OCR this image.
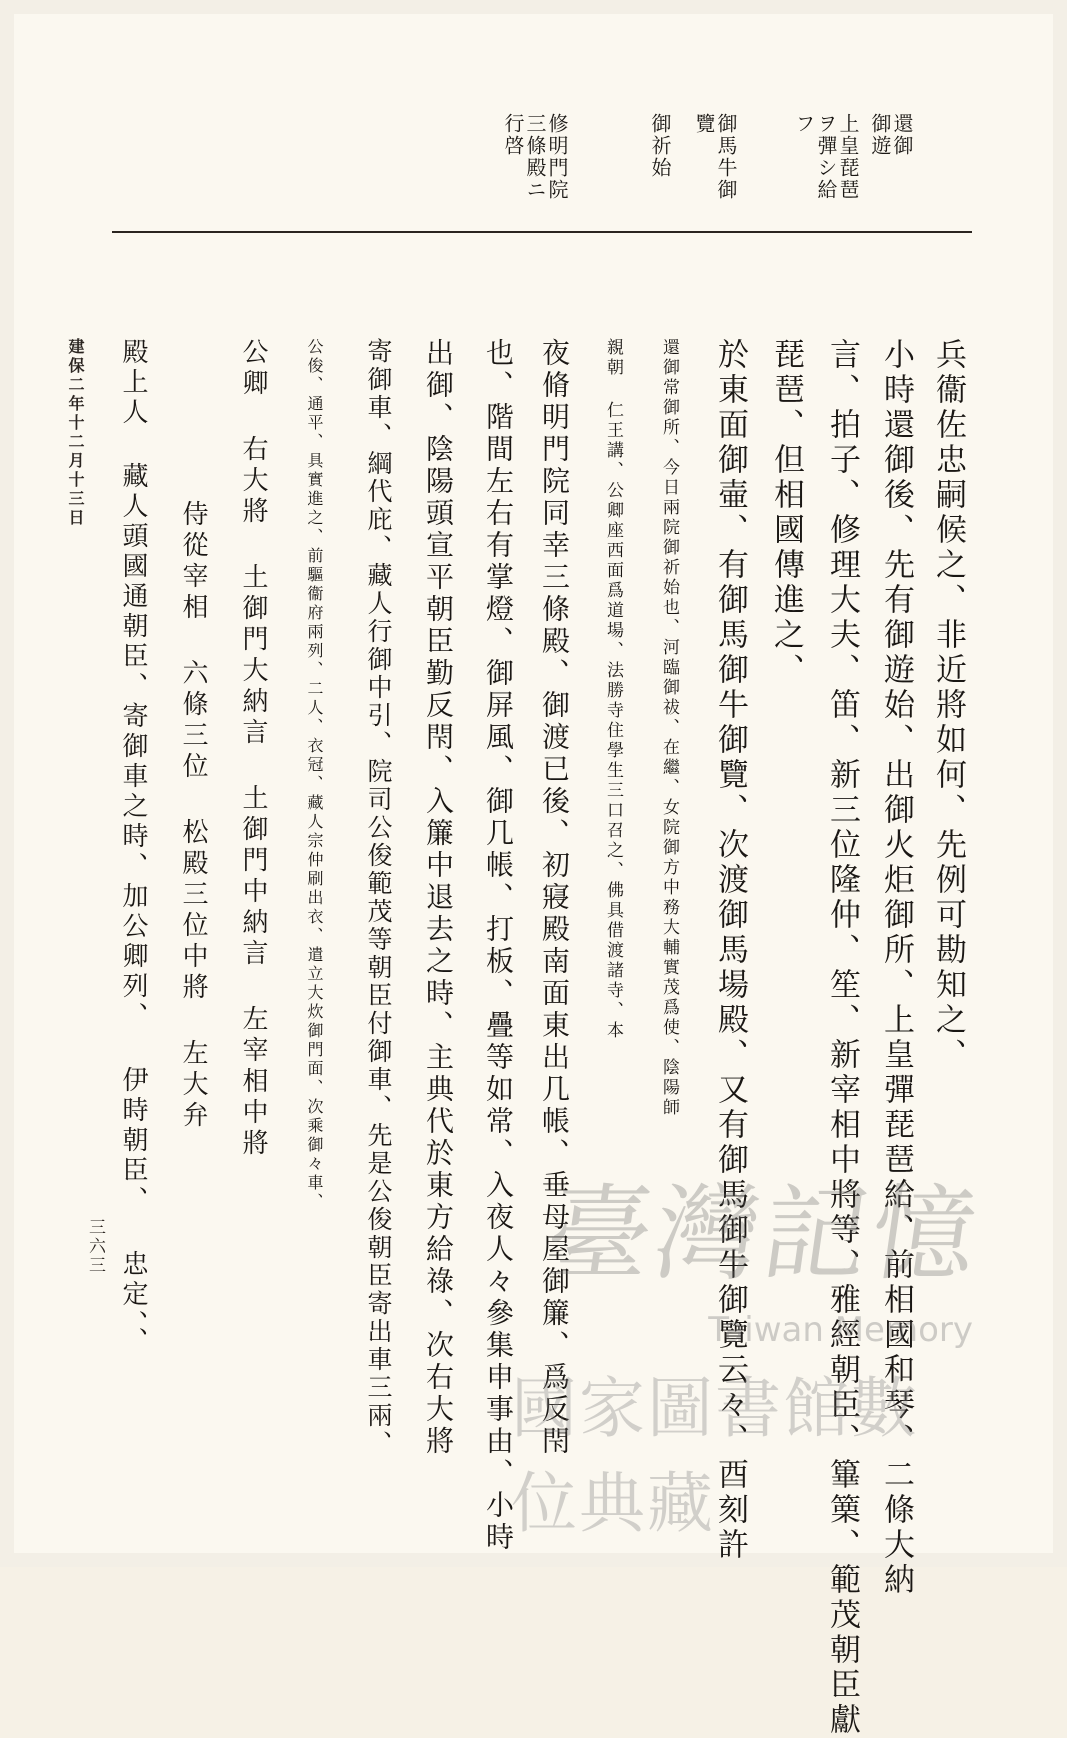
還御
御遊
上皇琵琶
ヲ彈シ給
フ
御馬牛御
覽
御祈始
修明門院
三條殿ニ
行啓
兵衞佐忠嗣候之、非近將如何、先例可勘知之、
小時還御後、先有御遊始、出御火炬御所、上皇彈琵琶給、前相國和琴、二條大納
言、拍子、修理大夫、笛、新三位隆仲、笙、新宰相中將等、雅經朝臣、篳篥、範茂朝臣獻
琵琶、但相國傳進之、
於東面御壷、有御馬御牛御覽、次渡御馬場殿、又有御馬御牛御覽云々、酉刻許
還御常御所、今日兩院御祈始也、河臨御祓、在繼、女院御方中務大輔實茂爲使、陰陽師
親朝 仁王講、公卿座西面爲道場、法勝寺住學生三口召之、佛具借渡諸寺、本
夜脩明門院同幸三條殿、御渡已後、初寢殿南面東出几帳、垂母屋御簾、爲反閇
也、階間左右有掌燈、御屏風、御几帳、打板、疊等如常、入夜人々參集申事由、小時
出御、陰陽頭宣平朝臣勤反閇、入簾中退去之時、主典代於東方給祿、次右大將
寄御車、綱代庇、藏人行御中引、院司公俊範茂等朝臣付御車、先是公俊朝臣寄出車三兩、
公俊、通平、具實進之、前驅衞府兩列、二人、衣冠、藏人宗仲刷出衣、遣立大炊御門面、次乘御々車、
公卿 右大將 土御門大納言 土御門中納言 左宰相中將
侍從宰相 六條三位 松殿三位中將 左大弁
殿上人 藏人頭國通朝臣、寄御車之時、加公卿列、 伊時朝臣、 忠定、、
建保二年十二月十三日
三六三	臺灣記憶
Taiwan Memory
國家圖書館數位典藏
